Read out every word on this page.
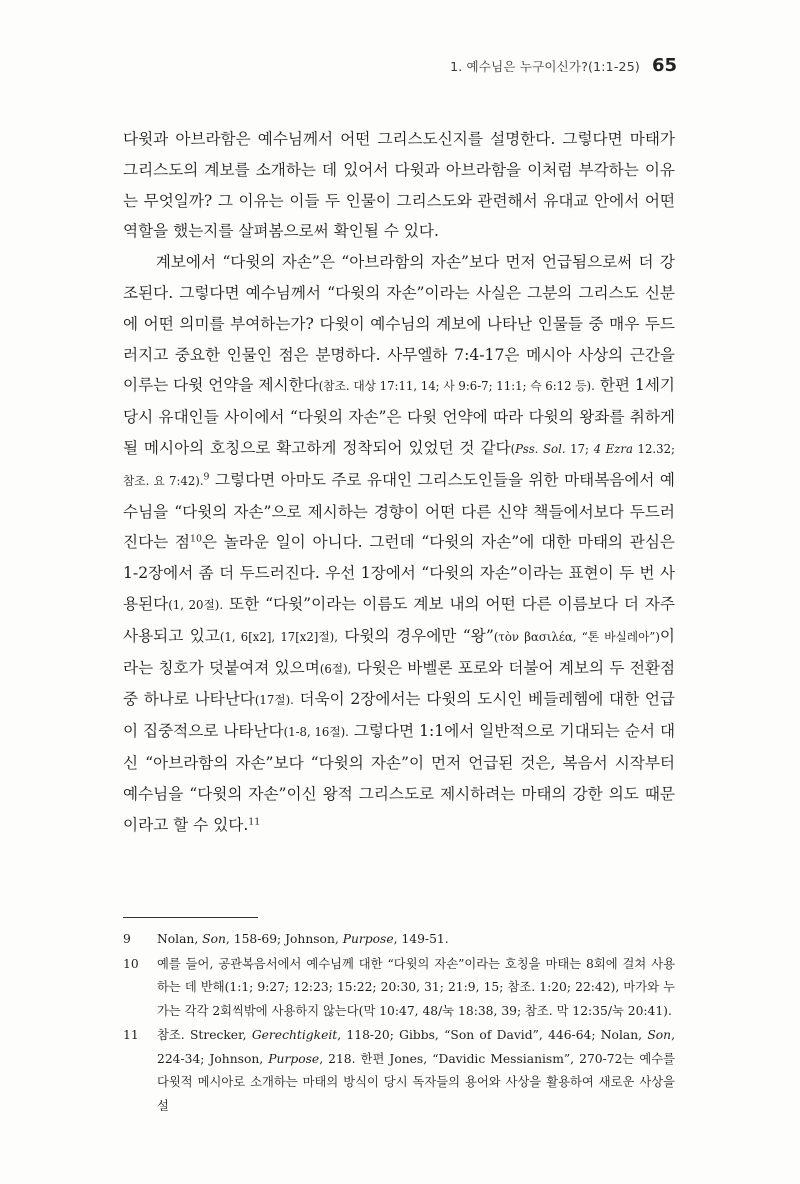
1. 예수님은 누구이신가?(1:1-25) 65

다윗과 아브라함은 예수님께서 어떤 그리스도신지를 설명한다. 그렇다면 마태가 그리스도의 계보를 소개하는 데 있어서 다윗과 아브라함을 이처럼 부각하는 이유는 무엇일까? 그 이유는 이들 두 인물이 그리스도와 관련해서 유대교 안에서 어떤 역할을 했는지를 살펴봄으로써 확인될 수 있다.

계보에서 “다윗의 자손”은 “아브라함의 자손”보다 먼저 언급됨으로써 더 강조된다. 그렇다면 예수님께서 “다윗의 자손”이라는 사실은 그분의 그리스도 신분에 어떤 의미를 부여하는가? 다윗이 예수님의 계보에 나타난 인물들 중 매우 두드러지고 중요한 인물인 점은 분명하다. 사무엘하 7:4-17은 메시아 사상의 근간을 이루는 다윗 언약을 제시한다(참조. 대상 17:11, 14; 사 9:6-7; 11:1; 슥 6:12 등). 한편 1세기 당시 유대인들 사이에서 “다윗의 자손”은 다윗 언약에 따라 다윗의 왕좌를 취하게 될 메시아의 호칭으로 확고하게 정착되어 있었던 것 같다(Pss. Sol. 17; 4 Ezra 12.32; 참조. 요 7:42).$^9$ 그렇다면 아마도 주로 유대인 그리스도인들을 위한 마태복음에서 예수님을 “다윗의 자손”으로 제시하는 경향이 어떤 다른 신약 책들에서보다 두드러진다는 점$^{10}$은 놀라운 일이 아니다. 그런데 “다윗의 자손”에 대한 마태의 관심은 1-2장에서 좀 더 두드러진다. 우선 1장에서 “다윗의 자손”이라는 표현이 두 번 사용된다(1, 20절). 또한 “다윗”이라는 이름도 계보 내의 어떤 다른 이름보다 더 자주 사용되고 있고(1, 6[x2], 17[x2]절), 다윗의 경우에만 “왕”(τὸν βασιλέα, “톤 바실레아”)이라는 칭호가 덧붙여져 있으며(6절), 다윗은 바벨론 포로와 더불어 계보의 두 전환점 중 하나로 나타난다(17절). 더욱이 2장에서는 다윗의 도시인 베들레헴에 대한 언급이 집중적으로 나타난다(1-8, 16절). 그렇다면 1:1에서 일반적으로 기대되는 순서 대신 “아브라함의 자손”보다 “다윗의 자손”이 먼저 언급된 것은, 복음서 시작부터 예수님을 “다윗의 자손”이신 왕적 그리스도로 제시하려는 마태의 강한 의도 때문이라고 할 수 있다.$^{11}$

9	Nolan, Son, 158-69; Johnson, Purpose, 149-51.
10	예를 들어, 공관복음서에서 예수님께 대한 “다윗의 자손”이라는 호칭을 마태는 8회에 걸쳐 사용하는 데 반해(1:1; 9:27; 12:23; 15:22; 20:30, 31; 21:9, 15; 참조. 1:20; 22:42), 마가와 누가는 각각 2회씩밖에 사용하지 않는다(막 10:47, 48/눅 18:38, 39; 참조. 막 12:35/눅 20:41).
11	참조. Strecker, Gerechtigkeit, 118-20; Gibbs, “Son of David”, 446-64; Nolan, Son, 224-34; Johnson, Purpose, 218. 한편 Jones, “Davidic Messianism”, 270-72는 예수를 다윗적 메시아로 소개하는 마태의 방식이 당시 독자들의 용어와 사상을 활용하여 새로운 사상을 설
